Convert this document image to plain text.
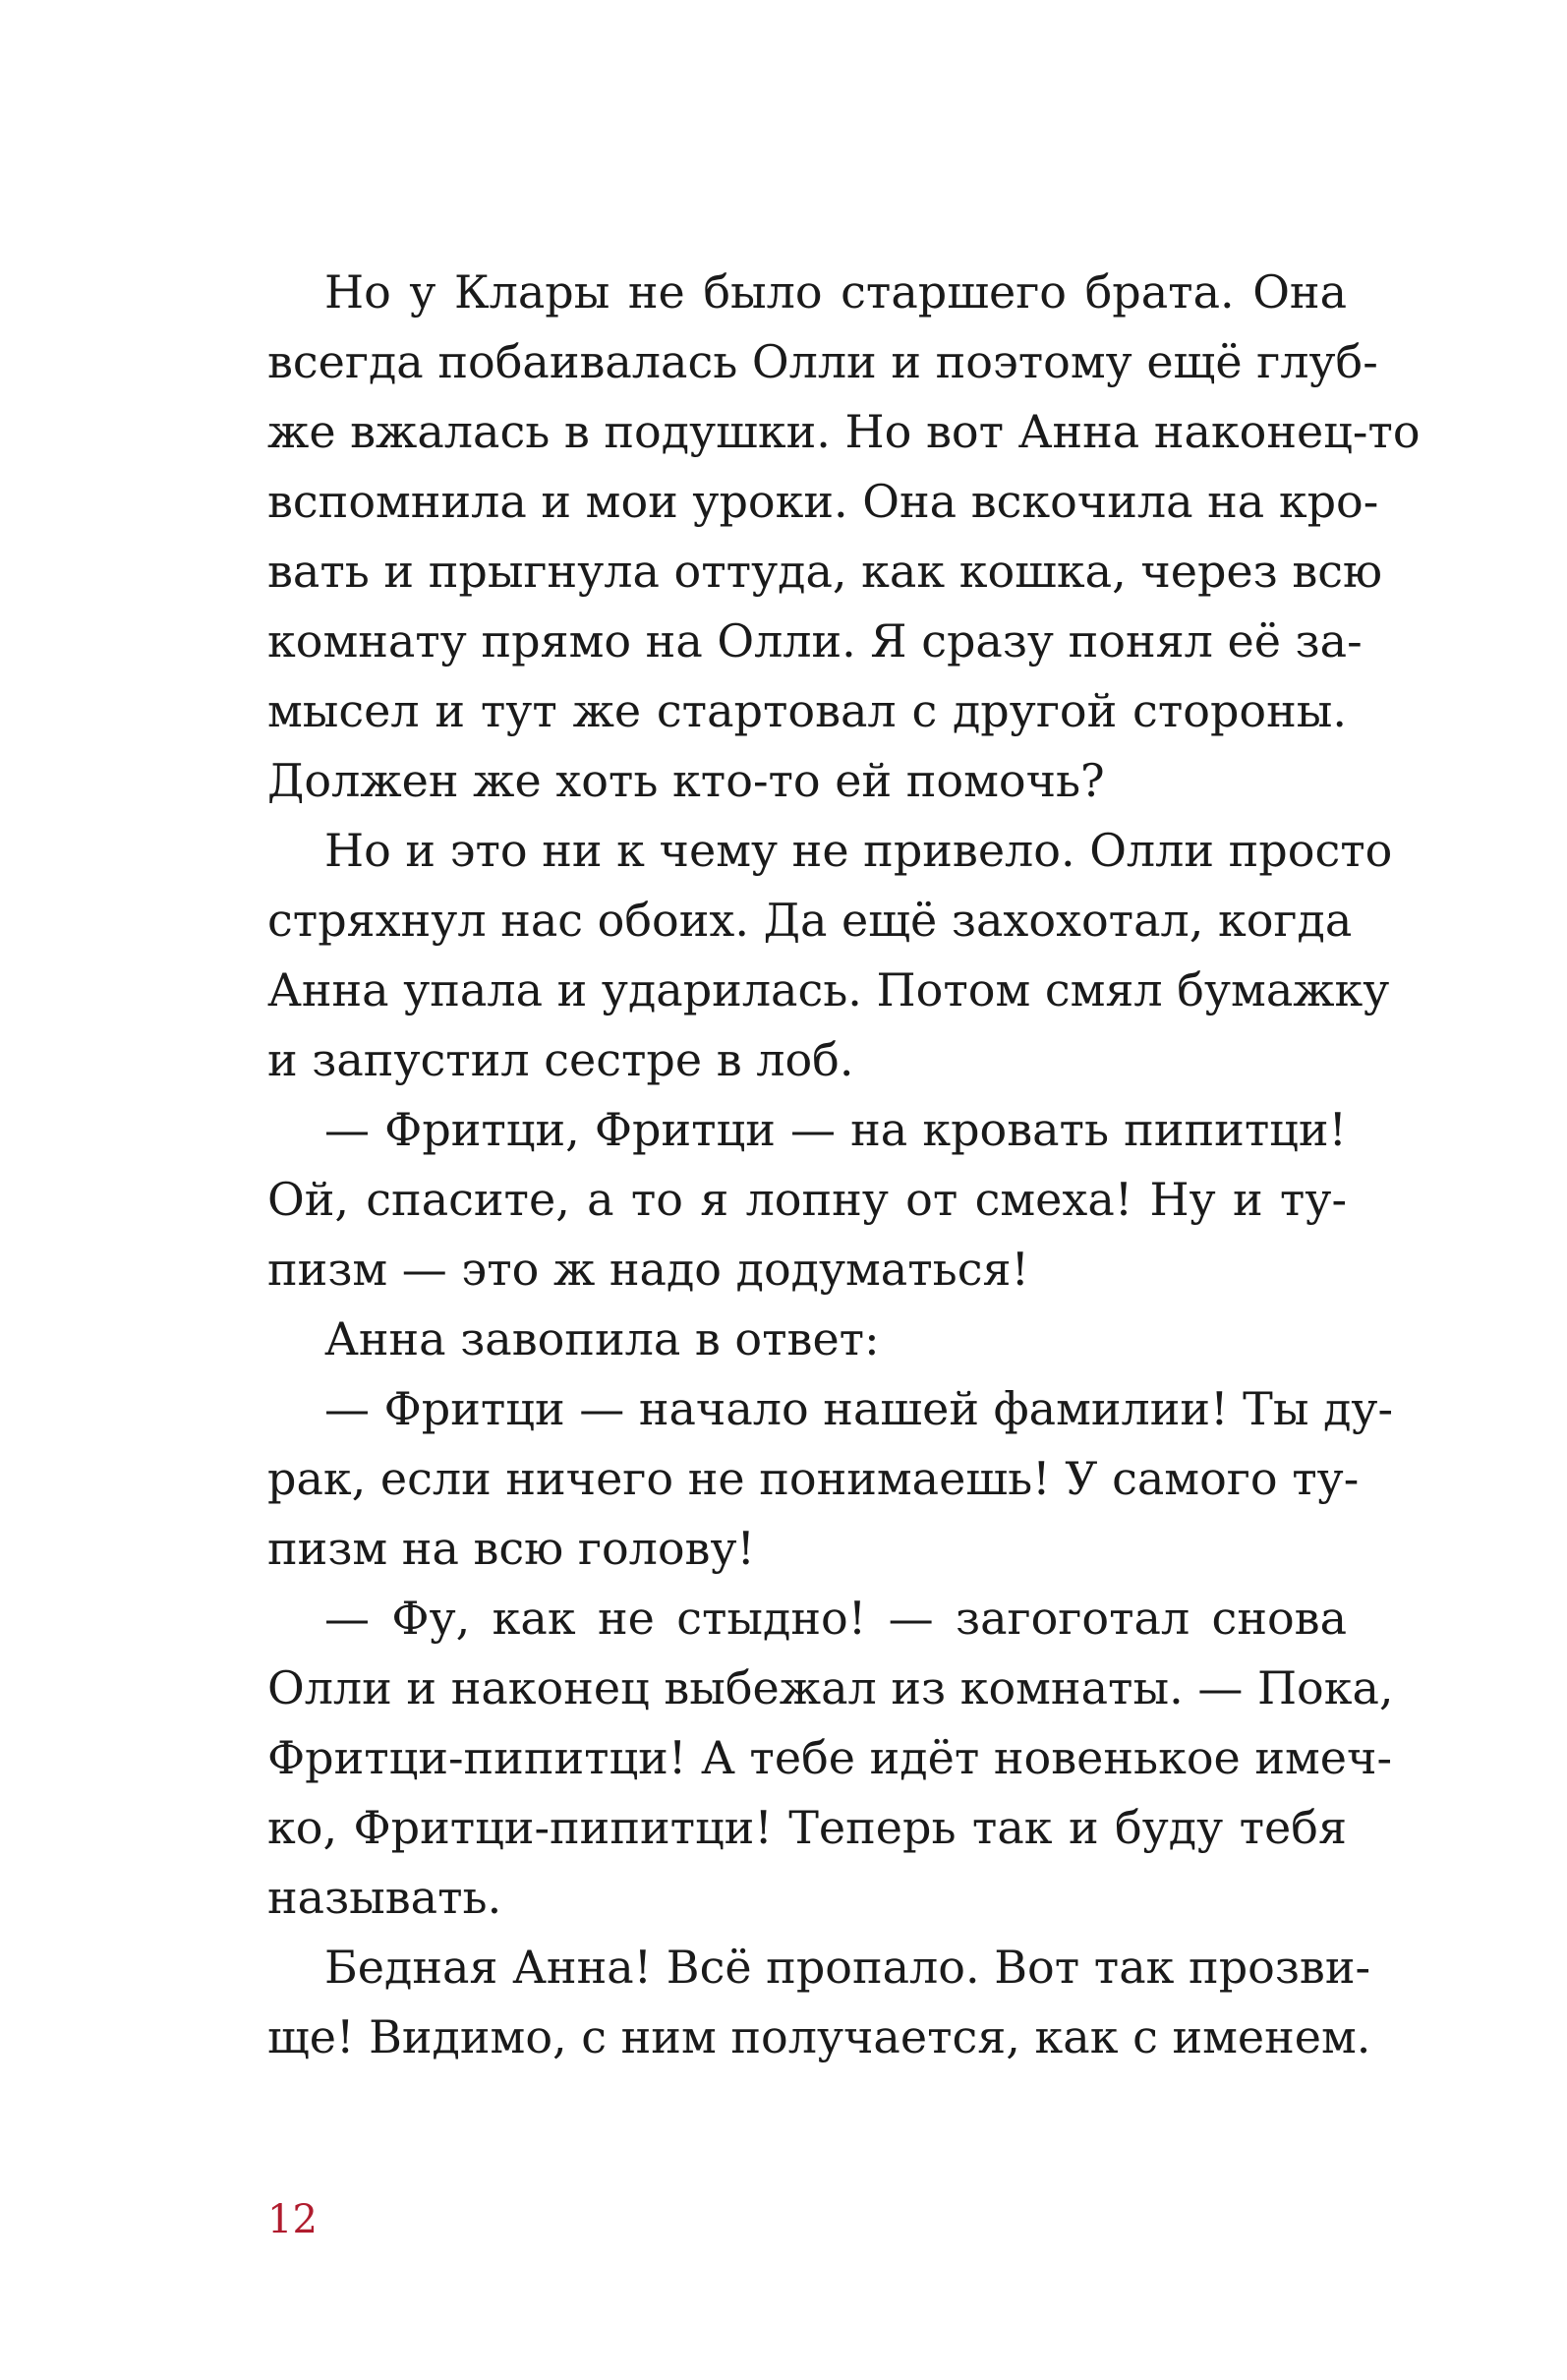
Но у Клары не было старшего брата. Она
всегда побаивалась Олли и поэтому ещё глуб-
же вжалась в подушки. Но вот Анна наконец-то
вспомнила и мои уроки. Она вскочила на кро-
вать и прыгнула оттуда, как кошка, через всю
комнату прямо на Олли. Я сразу понял её за-
мысел и тут же стартовал с другой стороны.
Должен же хоть кто-то ей помочь?
Но и это ни к чему не привело. Олли просто
стряхнул нас обоих. Да ещё захохотал, когда
Анна упала и ударилась. Потом смял бумажку
и запустил сестре в лоб.
— Фритци, Фритци — на кровать пипитци!
Ой, спасите, а то я лопну от смеха! Ну и ту-
пизм — это ж надо додуматься!
Анна завопила в ответ:
— Фритци — начало нашей фамилии! Ты ду-
рак, если ничего не понимаешь! У самого ту-
пизм на всю голову!
— Фу, как не стыдно! — загоготал снова
Олли и наконец выбежал из комнаты. — Пока,
Фритци-пипитци! А тебе идёт новенькое имеч-
ко, Фритци-пипитци! Теперь так и буду тебя
называть.
Бедная Анна! Всё пропало. Вот так прозви-
ще! Видимо, с ним получается, как с именем.
12
